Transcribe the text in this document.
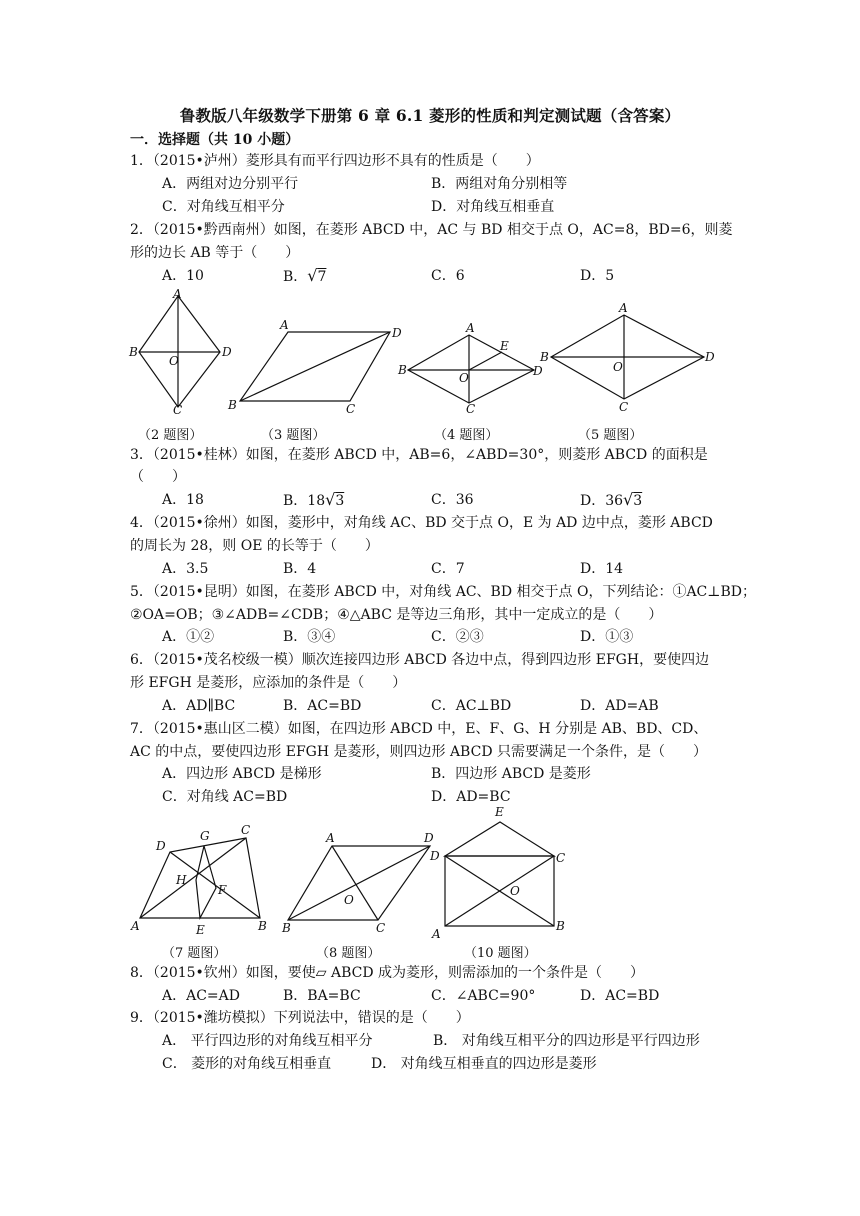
鲁教版八年级数学下册第 6 章 6.1 菱形的性质和判定测试题（含答案）
一．选择题（共 10 小题）
1．（2015•泸州）菱形具有而平行四边形不具有的性质是（　　）
A．两组对边分别平行	B．两组对角分别相等
C．对角线互相平分	D．对角线互相垂直
2．（2015•黔西南州）如图，在菱形 ABCD 中，AC 与 BD 相交于点 O，AC=8，BD=6，则菱
形的边长 AB 等于（　　）
A．10	B．√7	C．6	D．5
A
B
O
D
C
A
D
B	C
A
E
B
O	D
C
A
B
O
D
C
（2 题图）	（3 题图）	（4 题图）	（5 题图）
3．（2015•桂林）如图，在菱形 ABCD 中，AB=6，∠ABD=30°，则菱形 ABCD 的面积是
（　　）
A．18	B．18√3	C．36	D．36√3
4．（2015•徐州）如图，菱形中，对角线 AC、BD 交于点 O，E 为 AD 边中点，菱形 ABCD
的周长为 28，则 OE 的长等于（　　）
A．3.5	B．4	C．7	D．14
5．（2015•昆明）如图，在菱形 ABCD 中，对角线 AC、BD 相交于点 O，下列结论：①AC⊥BD；
②OA=OB；③∠ADB=∠CDB；④△ABC 是等边三角形，其中一定成立的是（　　）
A．①②	B．③④	C．②③	D．①③
6．（2015•茂名校级一模）顺次连接四边形 ABCD 各边中点，得到四边形 EFGH，要使四边
形 EFGH 是菱形，应添加的条件是（　　）
A．AD∥BC	B．AC=BD	C．AC⊥BD	D．AD=AB
7．（2015•惠山区二模）如图，在四边形 ABCD 中，E、F、G、H 分别是 AB、BD、CD、
AC 的中点，要使四边形 EFGH 是菱形，则四边形 ABCD 只需要满足一个条件，是（　　）
A．四边形 ABCD 是梯形	B．四边形 ABCD 是菱形
C．对角线 AC=BD	D．AD=BC
D
G	C
H
F
A	E	B
A	D
O
B	C
E
D	C
O
A
B
（7 题图）	（8 题图）	（10 题图）
8．（2015•钦州）如图，要使▱ ABCD 成为菱形，则需添加的一个条件是（　　）
A．AC=AD	B．BA=BC	C．∠ABC=90°	D．AC=BD
9．（2015•潍坊模拟）下列说法中，错误的是（　　）
A． 平行四边形的对角线互相平分	B． 对角线互相平分的四边形是平行四边形
C． 菱形的对角线互相垂直	D． 对角线互相垂直的四边形是菱形
